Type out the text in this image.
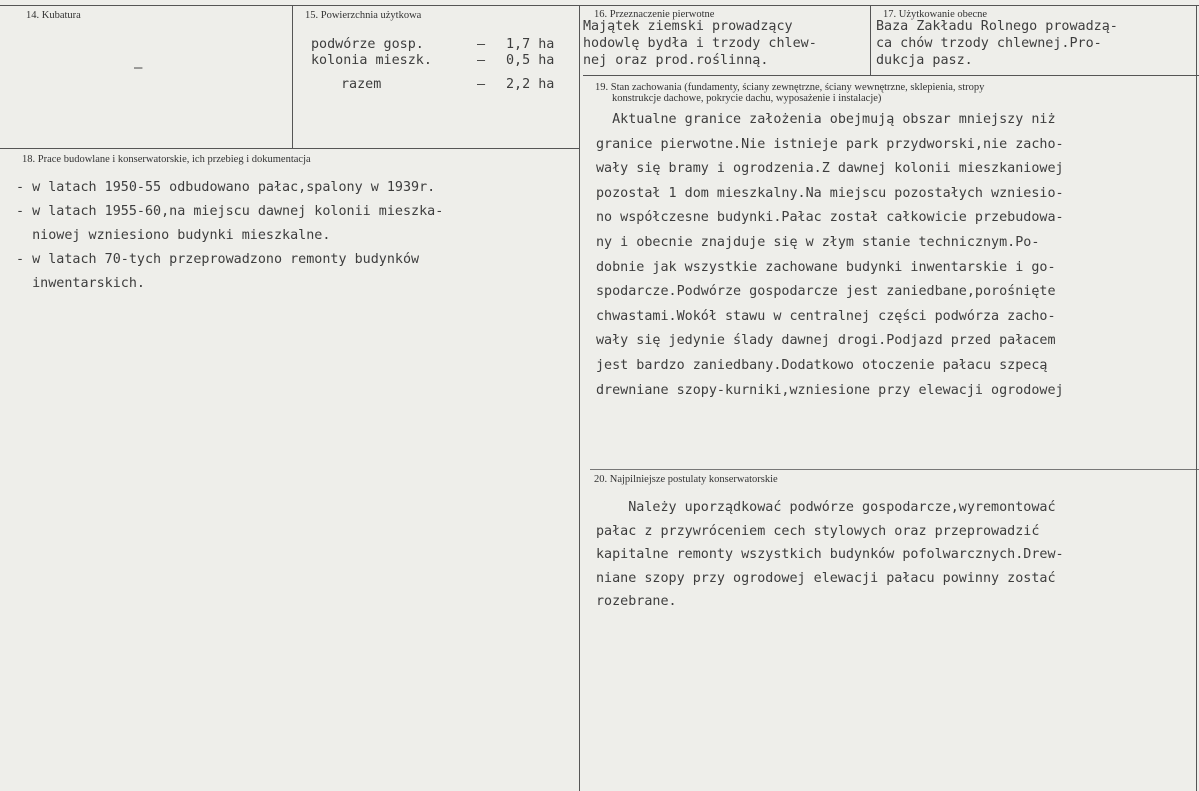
14. Kubatura
–
15. Powierzchnia użytkowa
podwórze gosp.	– 1,7 ha
kolonia mieszk.	– 0,5 ha
razem	– 2,2 ha
16. Przeznaczenie pierwotne
Majątek ziemski prowadzący
hodowlę bydła i trzody chlew-
nej oraz prod.roślinną.
17. Użytkowanie obecne
Baza Zakładu Rolnego prowadzą-
ca chów trzody chlewnej.Pro-
dukcja pasz.
18. Prace budowlane i konserwatorskie, ich przebieg i dokumentacja
- w latach 1950-55 odbudowano pałac,spalony w 1939r.
- w latach 1955-60,na miejscu dawnej kolonii mieszka-
niowej wzniesiono budynki mieszkalne.
- w latach 70-tych przeprowadzono remonty budynków
inwentarskich.
19. Stan zachowania (fundamenty, ściany zewnętrzne, ściany wewnętrzne, sklepienia, stropy
konstrukcje dachowe, pokrycie dachu, wyposażenie i instalacje)
Aktualne granice założenia obejmują obszar mniejszy niż
granice pierwotne.Nie istnieje park przydworski,nie zacho-
wały się bramy i ogrodzenia.Z dawnej kolonii mieszkaniowej
pozostał 1 dom mieszkalny.Na miejscu pozostałych wzniesio-
no współczesne budynki.Pałac został całkowicie przebudowa-
ny i obecnie znajduje się w złym stanie technicznym.Po-
dobnie jak wszystkie zachowane budynki inwentarskie i go-
spodarcze.Podwórze gospodarcze jest zaniedbane,porośnięte
chwastami.Wokół stawu w centralnej części podwórza zacho-
wały się jedynie ślady dawnej drogi.Podjazd przed pałacem
jest bardzo zaniedbany.Dodatkowo otoczenie pałacu szpecą
drewniane szopy-kurniki,wzniesione przy elewacji ogrodowej
20. Najpilniejsze postulaty konserwatorskie
Należy uporządkować podwórze gospodarcze,wyremontować
pałac z przywróceniem cech stylowych oraz przeprowadzić
kapitalne remonty wszystkich budynków pofolwarcznych.Drew-
niane szopy przy ogrodowej elewacji pałacu powinny zostać
rozebrane.
